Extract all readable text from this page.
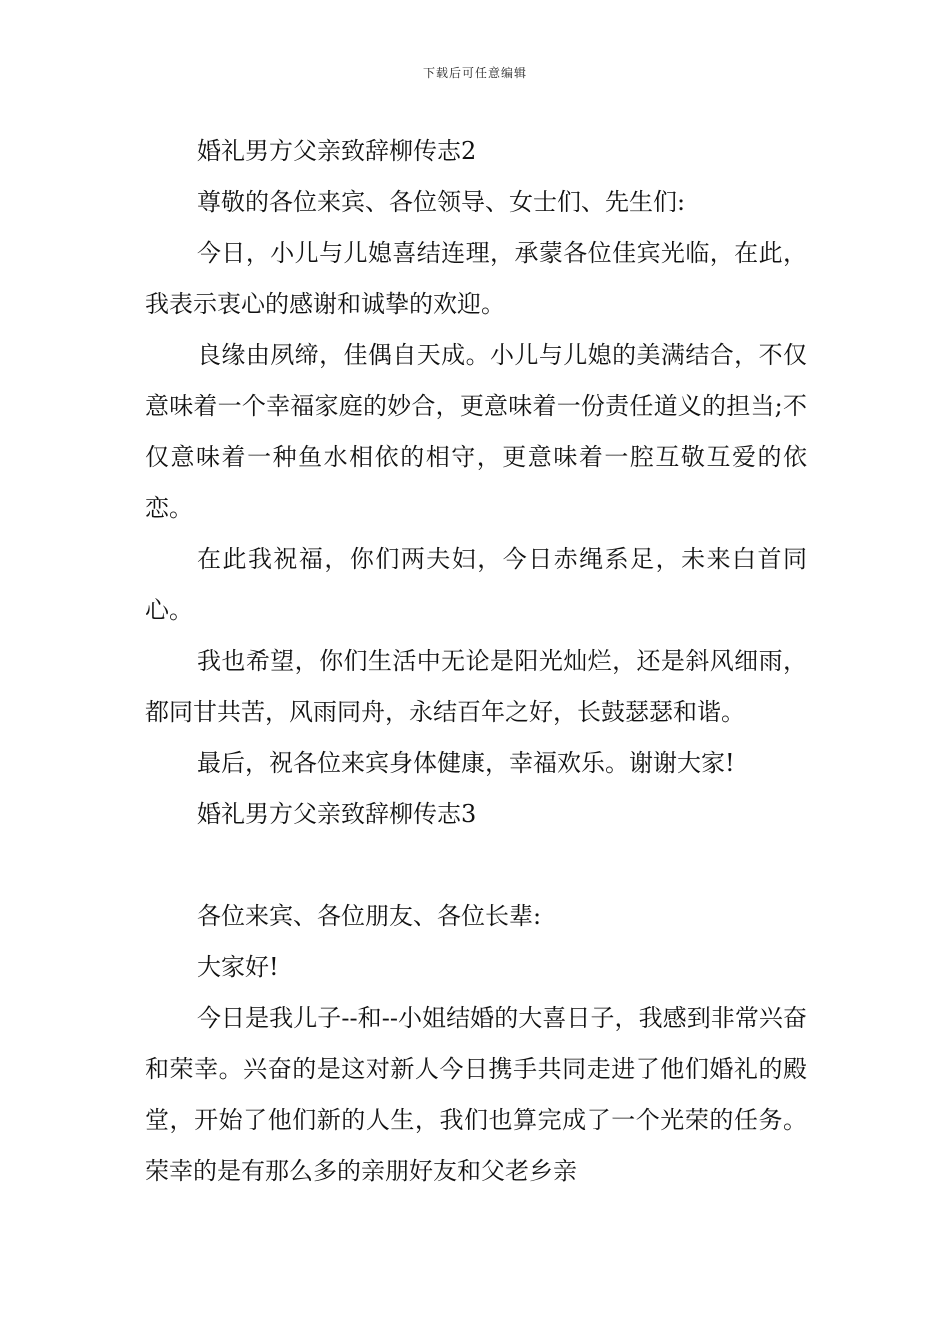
下载后可任意编辑

婚礼男方父亲致辞柳传志2

尊敬的各位来宾、各位领导、女士们、先生们:

今日，小儿与儿媳喜结连理，承蒙各位佳宾光临，在此，我表示衷心的感谢和诚挚的欢迎。

良缘由夙缔，佳偶自天成。小儿与儿媳的美满结合，不仅意味着一个幸福家庭的妙合，更意味着一份责任道义的担当;不仅意味着一种鱼水相依的相守，更意味着一腔互敬互爱的依恋。

在此我祝福，你们两夫妇，今日赤绳系足，未来白首同心。

我也希望，你们生活中无论是阳光灿烂，还是斜风细雨，都同甘共苦，风雨同舟，永结百年之好，长鼓瑟瑟和谐。

最后，祝各位来宾身体健康，幸福欢乐。谢谢大家!

婚礼男方父亲致辞柳传志3

各位来宾、各位朋友、各位长辈:

大家好!

今日是我儿子--和--小姐结婚的大喜日子，我感到非常兴奋和荣幸。兴奋的是这对新人今日携手共同走进了他们婚礼的殿堂，开始了他们新的人生，我们也算完成了一个光荣的任务。荣幸的是有那么多的亲朋好友和父老乡亲
